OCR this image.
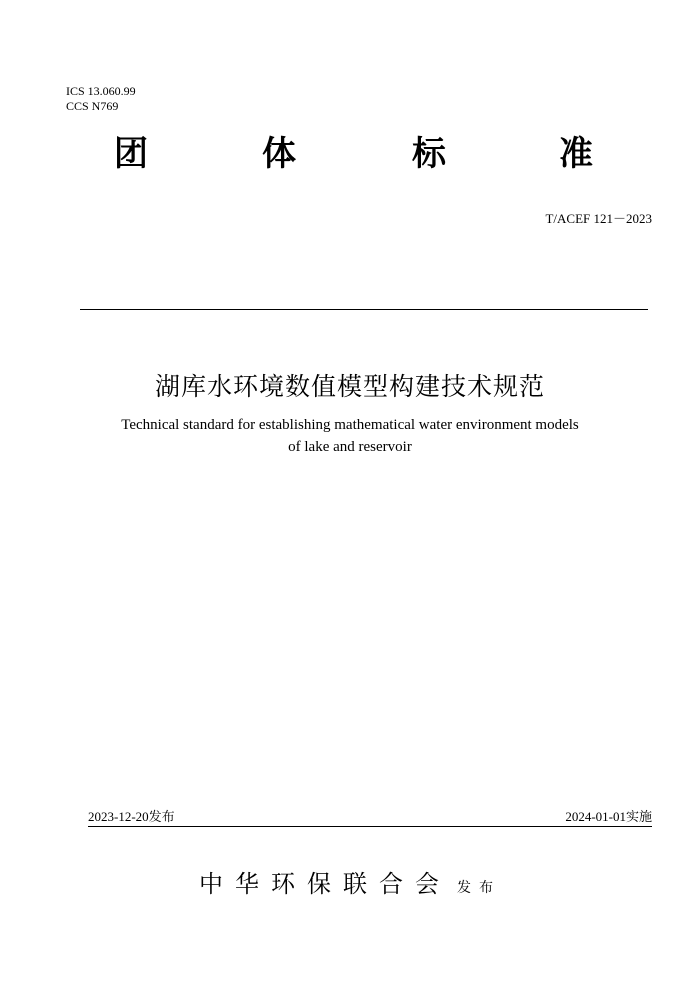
ICS 13.060.99
CCS N769
团	体	标	准
T/ACEF 121－2023
湖库水环境数值模型构建技术规范
Technical standard for establishing mathematical water environment models
of lake and reservoir
2023-12-20发布	2024-01-01实施
中华环保联合会 发布
